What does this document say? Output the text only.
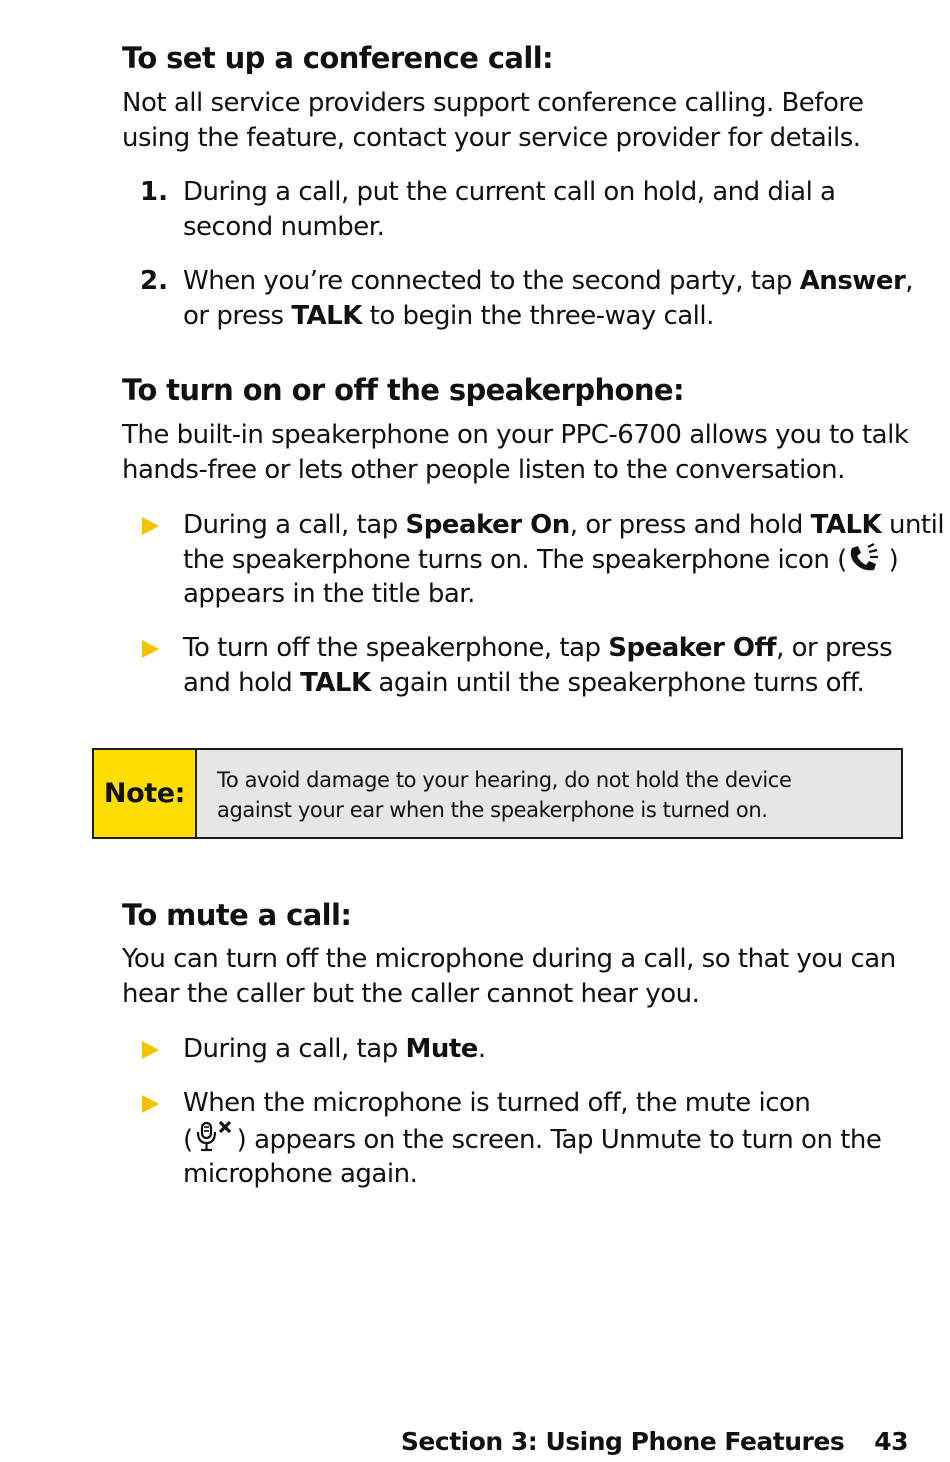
To set up a conference call:

Not all service providers support conference calling. Before
using the feature, contact your service provider for details.

1. During a call, put the current call on hold, and dial a
second number.
2. When you’re connected to the second party, tap Answer,
or press TALK to begin the three-way call.
To turn on or off the speakerphone:

The built-in speakerphone on your PPC-6700 allows you to talk
hands-free or lets other people listen to the conversation.

During a call, tap Speaker On, or press and hold TALK until
the speakerphone turns on. The speakerphone icon ( )
appears in the title bar.
To turn off the speakerphone, tap Speaker Off, or press
and hold TALK again until the speakerphone turns off.
Note:	To avoid damage to your hearing, do not hold the device
against your ear when the speakerphone is turned on.
To mute a call:

You can turn off the microphone during a call, so that you can
hear the caller but the caller cannot hear you.

During a call, tap Mute.
When the microphone is turned off, the mute icon
( ) appears on the screen. Tap Unmute to turn on the
microphone again.
Section 3: Using Phone Features 43
